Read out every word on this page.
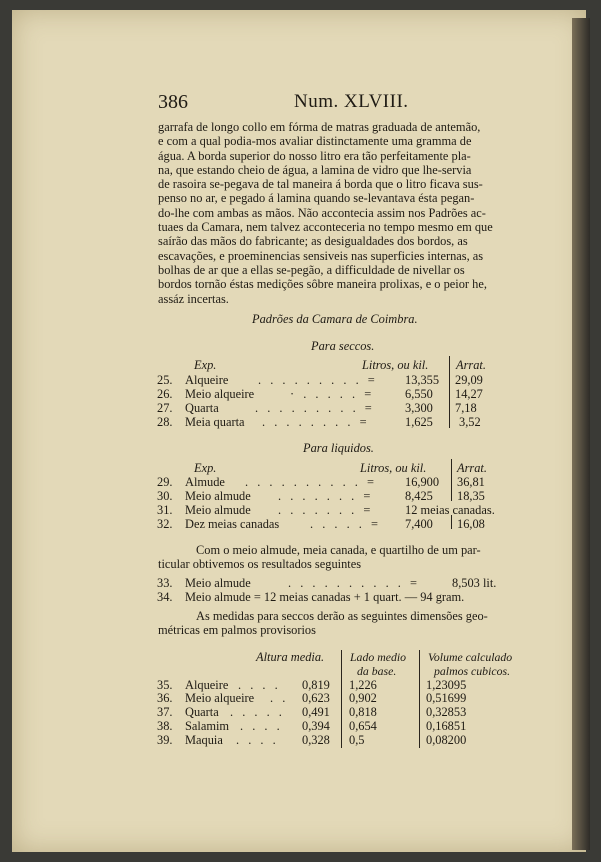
386	Num. XLVIII.

garrafa de longo collo em fórma de matras graduada de antemão,

e com a qual podia-mos avaliar distinctamente uma gramma de

água. A borda superior do nosso litro era tão perfeitamente pla-

na, que estando cheio de água, a lamina de vidro que lhe-servia

de rasoira se-pegava de tal maneira á borda que o litro ficava sus-

penso no ar, e pegado á lamina quando se-levantava ésta pegan-

do-lhe com ambas as mãos. Não accontecia assim nos Padrões ac-

tuaes da Camara, nem talvez acconteceria no tempo mesmo em que

saírão das mãos do fabricante; as desigualdades dos bordos, as

escavações, e proeminencias sensiveis nas superficies internas, as

bolhas de ar que a ellas se-pegão, a difficuldade de nivellar os

bordos tornão éstas medições sôbre maneira prolixas, e o peior he,

assáz incertas.

Padrões da Camara de Coimbra.
Para seccos.
Exp.	Litros, ou kil. Arrat.
25. Alqueire . . . . . . . . . = 13,355 29,09
26. Meio alqueire	· . . . . . = 6,550 14,27
27. Quarta	. . . . . . . . . = 3,300 7,18
28. Meia quarta . . . . . . . . =	1,625 3,52
Para liquidos.
Exp.	Litros, ou kil. Arrat.
29. Almude . . . . . . . . . . = 16,900 36,81
30. Meio almude . . . . . . . =	8,425 18,35
31. Meio almude . . . . . . . =	12 meias canadas.
32. Dez meias canadas . . . . . = 7,400 16,08
Com o meio almude, meia canada, e quartilho de um par-
ticular obtivemos os resultados seguintes
33. Meio almude	. . . . . . . . . . =	8,503 lit.
34. Meio almude = 12 meias canadas + 1 quart. — 94 gram.
As medidas para seccos derão as seguintes dimensões geo-
métricas em palmos provisorios
Altura media. Lado medio
da base.
Volume calculado
palmos cubicos.
35. Alqueire . . . . 0,819 1,226	1,23095
36. Meio alqueire . . 0,623 0,902	0,51699
37. Quarta . . . . . 0,491 0,818	0,32853
38. Salamim . . . . 0,394 0,654	0,16851
39. Maquia . . . . 0,328 0,5	0,08200
